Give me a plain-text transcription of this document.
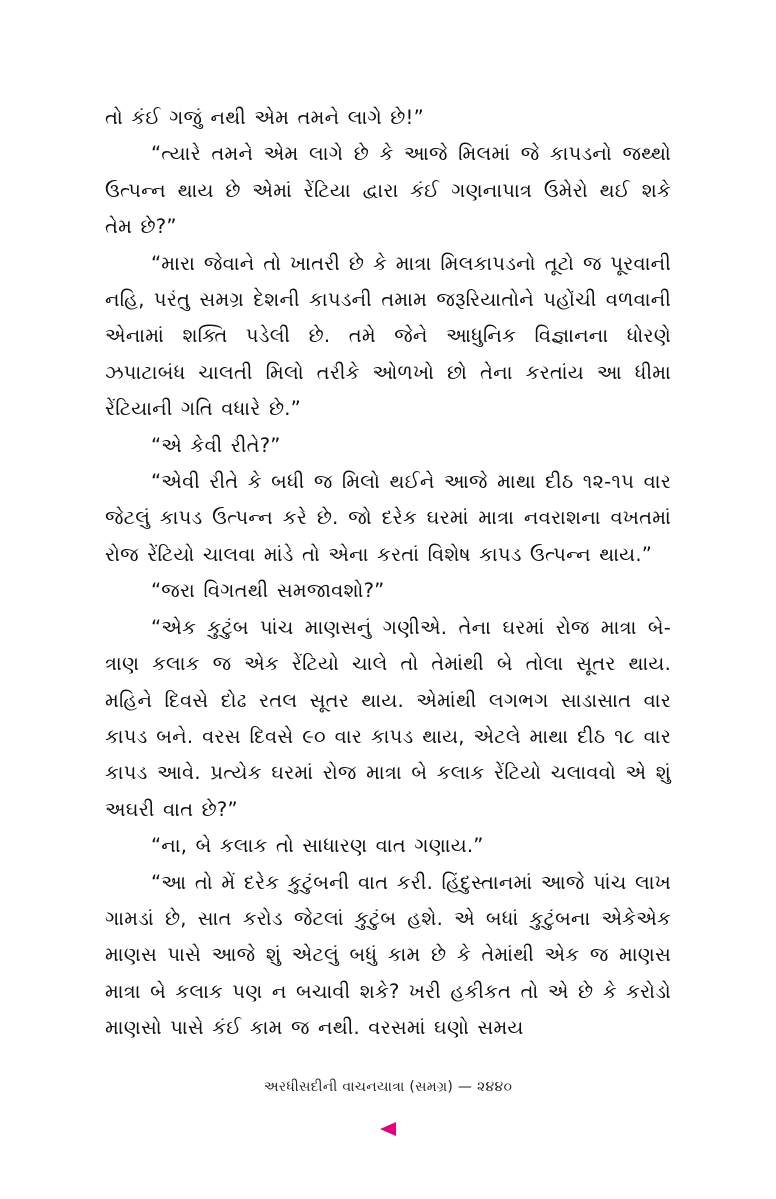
તો કંઈ ગજું નથી એમ તમને લાગે છે!”

“ત્યારે તમને એમ લાગે છે કે આજે મિલમાં જે કાપડનો જથ્થો ઉત્પન્ન થાય છે એમાં રેંટિયા દ્વારા કંઈ ગણનાપાત્ર ઉમેરો થઈ શકે તેમ છે?”

“મારા જેવાને તો ખાતરી છે કે માત્રા મિલકાપડનો તૂટો જ પૂરવાની નહિ, પરંતુ સમગ્ર દેશની કાપડની તમામ જરૂરિયાતોને પહોંચી વળવાની એનામાં શક્તિ પડેલી છે. તમે જેને આધુનિક વિજ્ઞાનના ધોરણે ઝપાટાબંધ ચાલતી મિલો તરીકે ઓળખો છો તેના કરતાંય આ ધીમા રેંટિયાની ગતિ વધારે છે.”

“એ કેવી રીતે?”

“એવી રીતે કે બધી જ મિલો થઈને આજે માથા દીઠ ૧૨-૧૫ વાર જેટલું કાપડ ઉત્પન્ન કરે છે. જો દરેક ઘરમાં માત્રા નવરાશના વખતમાં રોજ રેંટિયો ચાલવા માંડે તો એના કરતાં વિશેષ કાપડ ઉત્પન્ન થાય.”

“જરા વિગતથી સમજાવશો?”

“એક કુટુંબ પાંચ માણસનું ગણીએ. તેના ઘરમાં રોજ માત્રા બે-ત્રાણ કલાક જ એક રેંટિયો ચાલે તો તેમાંથી બે તોલા સૂતર થાય. મહિને દિવસે દોઢ રતલ સૂતર થાય. એમાંથી લગભગ સાડાસાત વાર કાપડ બને. વરસ દિવસે ૯૦ વાર કાપડ થાય, એટલે માથા દીઠ ૧૮ વાર કાપડ આવે. પ્રત્યેક ઘરમાં રોજ માત્રા બે કલાક રેંટિયો ચલાવવો એ શું અઘરી વાત છે?”

“ના, બે કલાક તો સાધારણ વાત ગણાય.”

“આ તો મેં દરેક કુટુંબની વાત કરી. હિંદુસ્તાનમાં આજે પાંચ લાખ ગામડાં છે, સાત કરોડ જેટલાં કુટુંબ હશે. એ બધાં કુટુંબના એકેએક માણસ પાસે આજે શું એટલું બધું કામ છે કે તેમાંથી એક જ માણસ માત્રા બે કલાક પણ ન બચાવી શકે? ખરી હકીકત તો એ છે કે કરોડો માણસો પાસે કંઈ કામ જ નથી. વરસમાં ઘણો સમય

અરધીસદીની વાચનયાત્રા (સમગ્ર) — ૨૪૪૦
